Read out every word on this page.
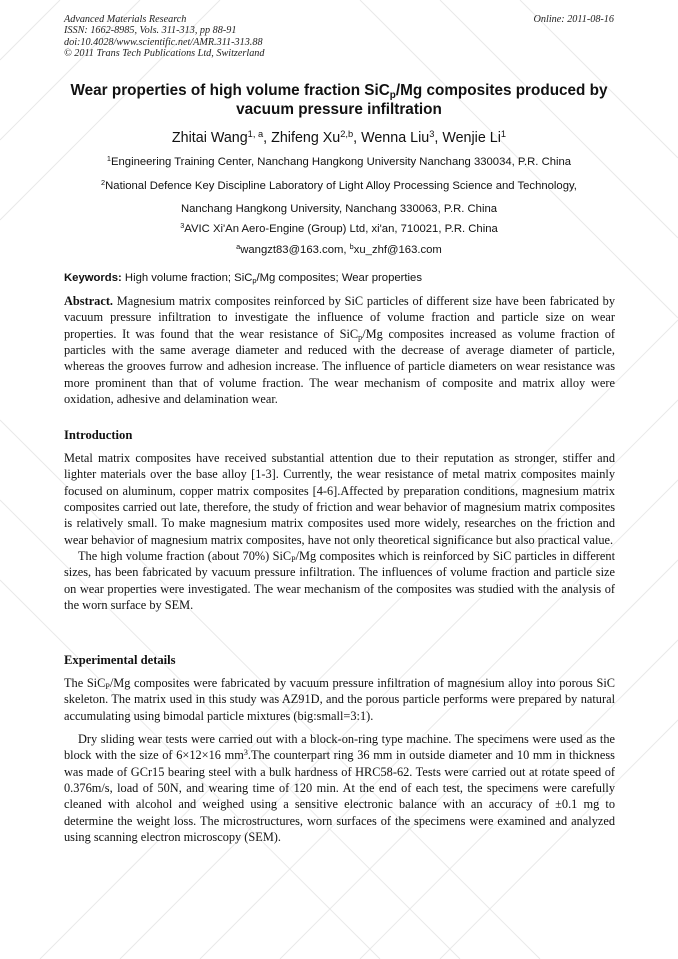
Advanced Materials Research
ISSN: 1662-8985, Vols. 311-313, pp 88-91
doi:10.4028/www.scientific.net/AMR.311-313.88
© 2011 Trans Tech Publications Ltd, Switzerland
Online: 2011-08-16
Wear properties of high volume fraction SiC$_p$/Mg composites produced by vacuum pressure infiltration
Zhitai Wang$^{1, a}$, Zhifeng Xu$^{2,b}$, Wenna Liu$^3$, Wenjie Li$^1$
$^1$Engineering Training Center, Nanchang Hangkong University Nanchang 330034, P.R. China
$^2$National Defence Key Discipline Laboratory of Light Alloy Processing Science and Technology,
Nanchang Hangkong University, Nanchang 330063, P.R. China
$^3$AVIC Xi'An Aero-Engine (Group) Ltd, xi'an, 710021, P.R. China
$^a$wangzt83@163.com, $^b$xu_zhf@163.com
Keywords: High volume fraction; SiC$_p$/Mg composites; Wear properties

Abstract. Magnesium matrix composites reinforced by SiC particles of different size have been fabricated by vacuum pressure infiltration to investigate the influence of volume fraction and particle size on wear properties. It was found that the wear resistance of SiC$_p$/Mg composites increased as volume fraction of particles with the same average diameter and reduced with the decrease of average diameter of particle, whereas the grooves furrow and adhesion increase. The influence of particle diameters on wear resistance was more prominent than that of volume fraction. The wear mechanism of composite and matrix alloy were oxidation, adhesive and delamination wear.

Introduction

Metal matrix composites have received substantial attention due to their reputation as stronger, stiffer and lighter materials over the base alloy [1-3]. Currently, the wear resistance of metal matrix composites mainly focused on aluminum, copper matrix composites [4-6].Affected by preparation conditions, magnesium matrix composites carried out late, therefore, the study of friction and wear behavior of magnesium matrix composites is relatively small. To make magnesium matrix composites used more widely, researches on the friction and wear behavior of magnesium matrix composites, have not only theoretical significance but also practical value.

The high volume fraction (about 70%) SiC$_P$/Mg composites which is reinforced by SiC particles in different sizes, has been fabricated by vacuum pressure infiltration. The influences of volume fraction and particle size on wear properties were investigated. The wear mechanism of the composites was studied with the analysis of the worn surface by SEM.

Experimental details

The SiC$_P$/Mg composites were fabricated by vacuum pressure infiltration of magnesium alloy into porous SiC skeleton. The matrix used in this study was AZ91D, and the porous particle performs were prepared by natural accumulating using bimodal particle mixtures (big:small=3:1).

Dry sliding wear tests were carried out with a block-on-ring type machine. The specimens were used as the block with the size of 6×12×16 $mm^3.The$ counterpart ring 36 mm in outside diameter and 10 mm in thickness was made of GCr15 bearing steel with a bulk hardness of HRC58-62. Tests were carried out at rotate speed of 0.376m/s, load of 50N, and wearing time of 120 min. At the end of each test, the specimens were carefully cleaned with alcohol and weighed using a sensitive electronic balance with an accuracy of ±0.1 mg to determine the weight loss. The microstructures, worn surfaces of the specimens were examined and analyzed using scanning electron microscopy (SEM).
